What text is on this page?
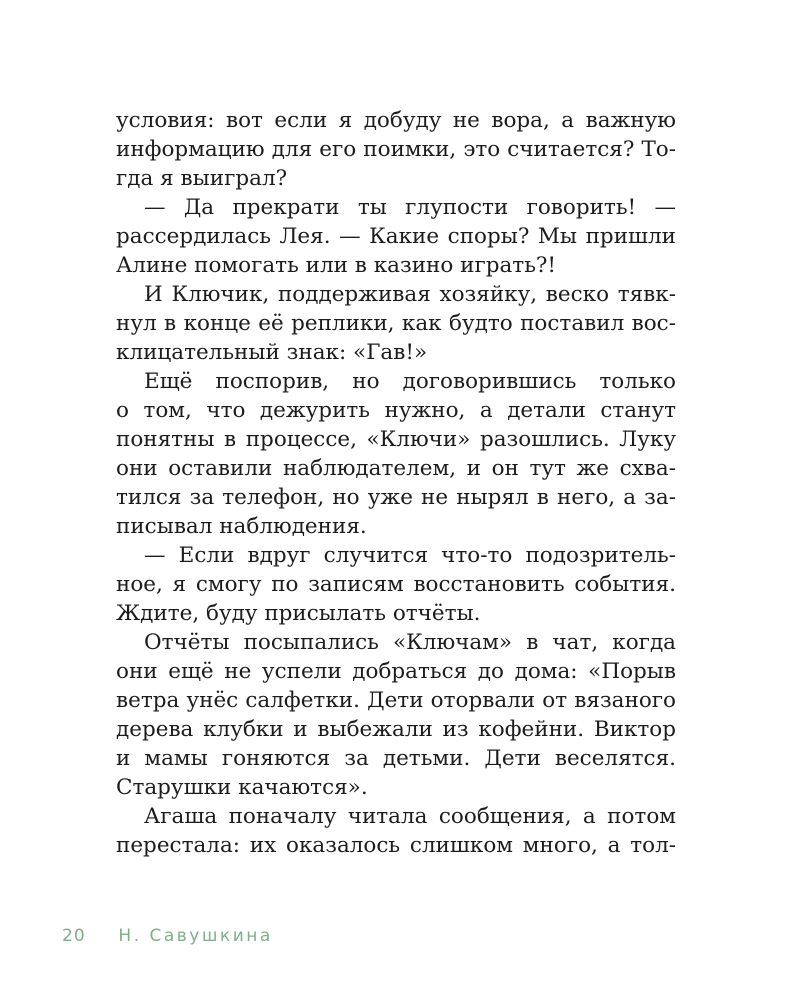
условия: вот если я добуду не вора, а важную
информацию для его поимки, это считается? То-
гда я выиграл?
— Да прекрати ты глупости говорить! —
рассердилась Лея. — Какие споры? Мы пришли
Алине помогать или в казино играть?!
И Ключик, поддерживая хозяйку, веско тявк-
нул в конце её реплики, как будто поставил вос-
клицательный знак: «Гав!»
Ещё поспорив, но договорившись только
о том, что дежурить нужно, а детали станут
понятны в процессе, «Ключи» разошлись. Луку
они оставили наблюдателем, и он тут же схва-
тился за телефон, но уже не нырял в него, а за-
писывал наблюдения.
— Если вдруг случится что-то подозритель-
ное, я смогу по записям восстановить события.
Ждите, буду присылать отчёты.
Отчёты посыпались «Ключам» в чат, когда
они ещё не успели добраться до дома: «Порыв
ветра унёс салфетки. Дети оторвали от вязаного
дерева клубки и выбежали из кофейни. Виктор
и мамы гоняются за детьми. Дети веселятся.
Старушки качаются».
Агаша поначалу читала сообщения, а потом
перестала: их оказалось слишком много, а тол-
20 Н. Савушкина
